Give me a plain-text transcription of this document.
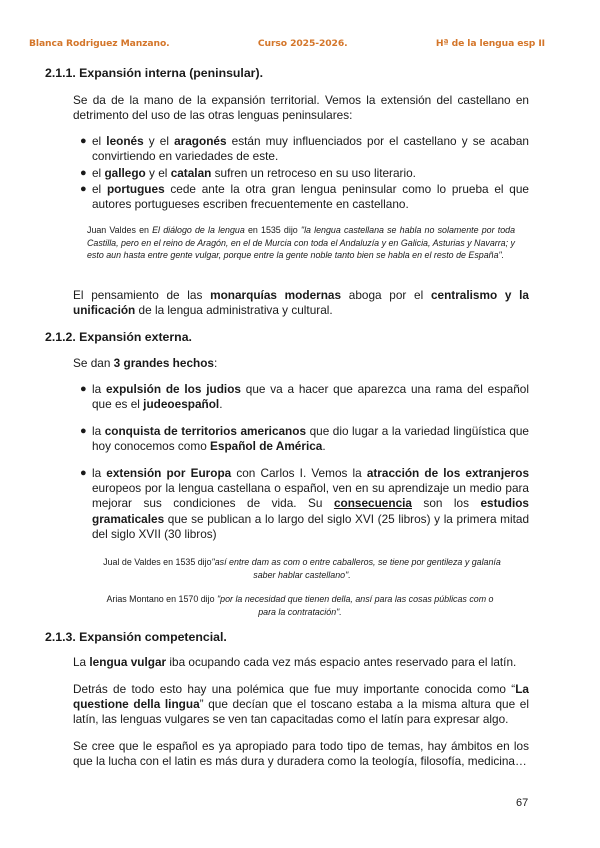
Blanca Rodriguez Manzano.	Curso 2025-2026.	Hª de la lengua esp II
2.1.1. Expansión interna (peninsular).

Se da de la mano de la expansión territorial. Vemos la extensión del castellano en detrimento del uso de las otras lenguas peninsulares:

● el leonés y el aragonés están muy influenciados por el castellano y se acaban convirtiendo en variedades de este.
● el gallego y el catalan sufren un retroceso en su uso literario.
● el portugues cede ante la otra gran lengua peninsular como lo prueba el que autores portugueses escriben frecuentemente en castellano.
Juan Valdes en El diálogo de la lengua en 1535 dijo "la lengua castellana se habla no solamente por toda Castilla, pero en el reino de Aragón, en el de Murcia con toda el Andaluzía y en Galicia, Asturias y Navarra; y esto aun hasta entre gente vulgar, porque entre la gente noble tanto bien se habla en el resto de España".

El pensamiento de las monarquías modernas aboga por el centralismo y la unificación de la lengua administrativa y cultural.

2.1.2. Expansión externa.

Se dan 3 grandes hechos:

● la expulsión de los judios que va a hacer que aparezca una rama del español que es el judeoespañol.
● la conquista de territorios americanos que dio lugar a la variedad lingüística que hoy conocemos como Español de América.
● la extensión por Europa con Carlos I. Vemos la atracción de los extranjeros europeos por la lengua castellana o español, ven en su aprendizaje un medio para mejorar sus condiciones de vida. Su consecuencia son los estudios gramaticales que se publican a lo largo del siglo XVI (25 libros) y la primera mitad del siglo XVII (30 libros)
Jual de Valdes en 1535 dijo"así entre dam as com o entre caballeros, se tiene por gentileza y galanía saber hablar castellano".
Arias Montano en 1570 dijo "por la necesidad que tienen della, ansí para las cosas públicas com o para la contratación".
2.1.3. Expansión competencial.

La lengua vulgar iba ocupando cada vez más espacio antes reservado para el latín.

Detrás de todo esto hay una polémica que fue muy importante conocida como “La questione della lingua” que decían que el toscano estaba a la misma altura que el latín, las lenguas vulgares se ven tan capacitadas como el latín para expresar algo.

Se cree que le español es ya apropiado para todo tipo de temas, hay ámbitos en los que la lucha con el latin es más dura y duradera como la teología, filosofía, medicina…

67
